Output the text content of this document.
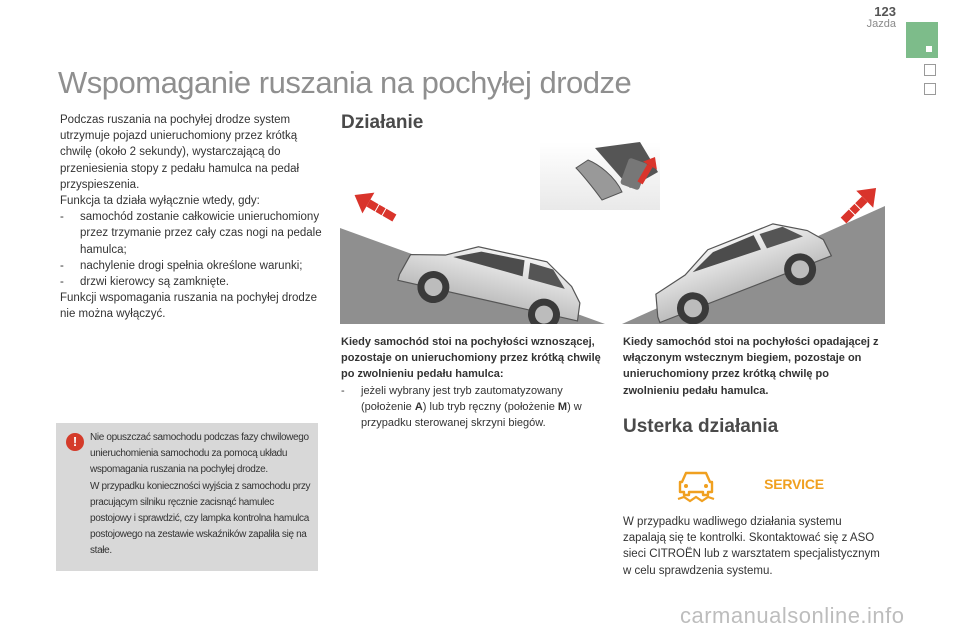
123
Jazda
Wspomaganie ruszania na pochyłej drodze

Podczas ruszania na pochyłej drodze system utrzymuje pojazd unieruchomiony przez krótką chwilę (około 2 sekundy), wystarczającą do przeniesienia stopy z pedału hamulca na pedał przyspieszenia.

Funkcja ta działa wyłącznie wtedy, gdy:

-	samochód zostanie całkowicie unieruchomiony przez trzymanie przez cały czas nogi na pedale hamulca;
-	nachylenie drogi spełnia określone warunki;
-	drzwi kierowcy są zamknięte.

Funkcji wspomagania ruszania na pochyłej drodze nie można wyłączyć.

!	Nie opuszczać samochodu podczas fazy chwilowego unieruchomienia samochodu za pomocą układu wspomagania ruszania na pochyłej drodze.
W przypadku konieczności wyjścia z samochodu przy pracującym silniku ręcznie zacisnąć hamulec postojowy i sprawdzić, czy lampka kontrolna hamulca postojowego na zestawie wskaźników zapaliła się na stałe.
Działanie
Kiedy samochód stoi na pochyłości wznoszącej, pozostaje on unieruchomiony przez krótką chwilę po zwolnieniu pedału hamulca:
-	jeżeli wybrany jest tryb zautomatyzowany (położenie A) lub tryb ręczny (położenie M) w przypadku sterowanej skrzyni biegów.
Kiedy samochód stoi na pochyłości opadającej z włączonym wstecznym biegiem, pozostaje on unieruchomiony przez krótką chwilę po zwolnieniu pedału hamulca.
Usterka działania
SERVICE
W przypadku wadliwego działania systemu zapalają się te kontrolki. Skontaktować się z ASO sieci CITROËN lub z warsztatem specjalistycznym w celu sprawdzenia systemu.
carmanualsonline.info
